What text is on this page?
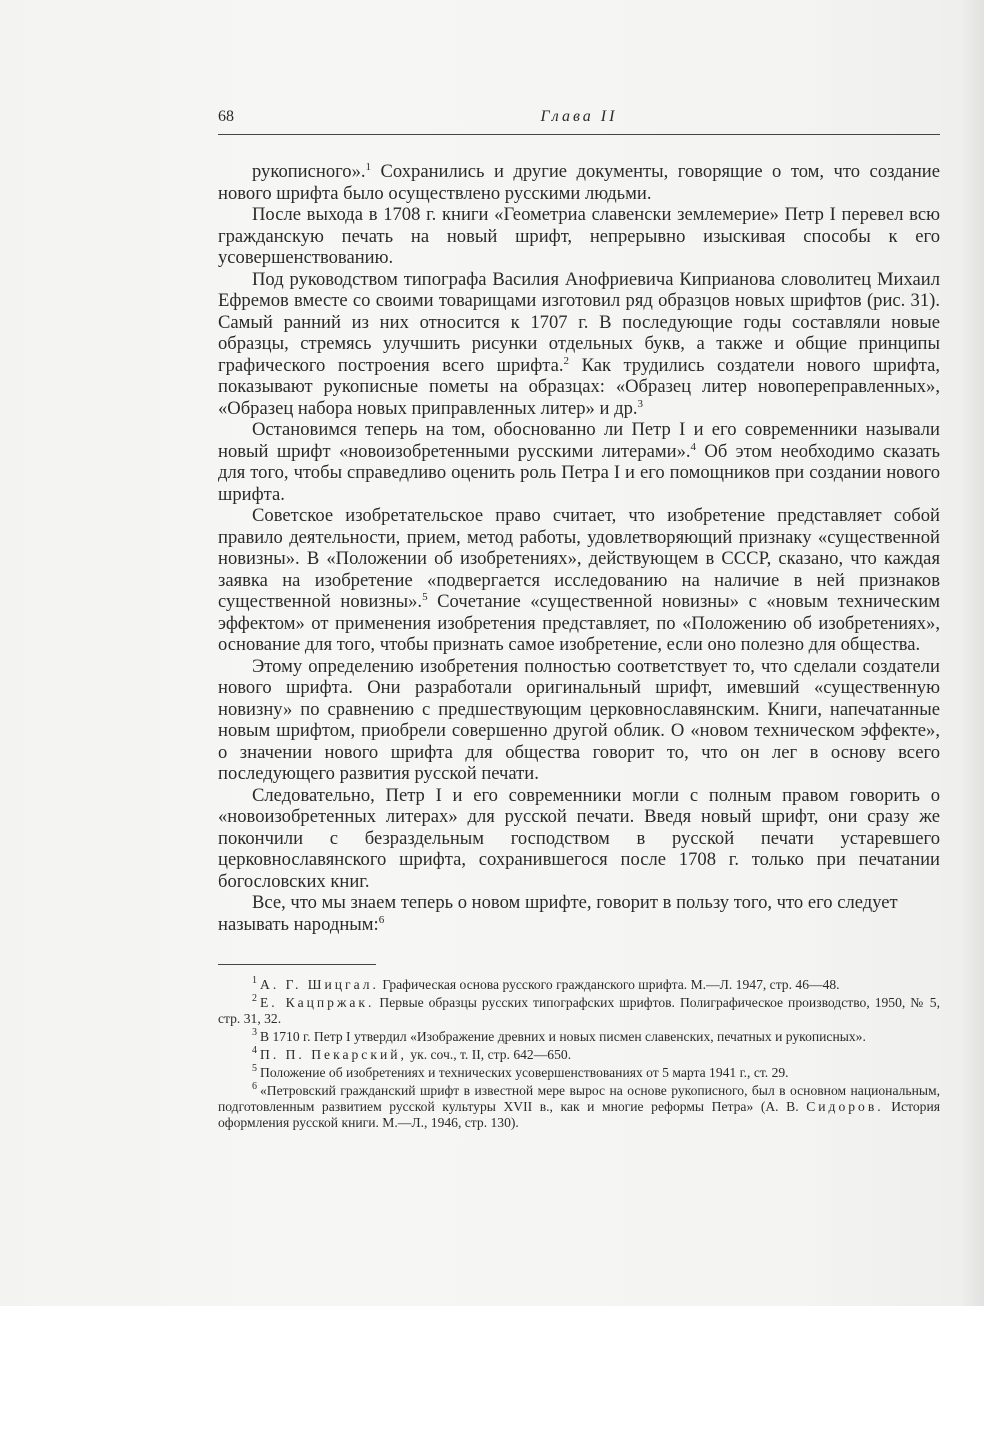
68	Глава II

рукописного».$^1$ Сохранились и другие документы, говорящие о том, что создание нового шрифта было осуществлено русскими людьми.

После выхода в 1708 г. книги «Геометриа славенски землемерие» Петр I перевел всю гражданскую печать на новый шрифт, непрерывно изыскивая способы к его усовершенствованию.

Под руководством типографа Василия Анофриевича Киприанова словолитец Михаил Ефремов вместе со своими товарищами изготовил ряд образцов новых шрифтов (рис. 31). Самый ранний из них относится к 1707 г. В последующие годы составляли новые образцы, стремясь улучшить рисунки отдельных букв, а также и общие принципы графического построения всего шрифта.$^2$ Как трудились создатели нового шрифта, показывают рукописные пометы на образцах: «Образец литер новопереправленных», «Образец набора новых приправленных литер» и др.$^3$

Остановимся теперь на том, обоснованно ли Петр I и его современники называли новый шрифт «новоизобретенными русскими литерами».$^4$ Об этом необходимо сказать для того, чтобы справедливо оценить роль Петра I и его помощников при создании нового шрифта.

Советское изобретательское право считает, что изобретение представляет собой правило деятельности, прием, метод работы, удовлетворяющий признаку «существенной новизны». В «Положении об изобретениях», действующем в СССР, сказано, что каждая заявка на изобретение «подвергается исследованию на наличие в ней признаков существенной новизны».$^5$ Сочетание «существенной новизны» с «новым техническим эффектом» от применения изобретения представляет, по «Положению об изобретениях», основание для того, чтобы признать самое изобретение, если оно полезно для общества.

Этому определению изобретения полностью соответствует то, что сделали создатели нового шрифта. Они разработали оригинальный шрифт, имевший «существенную новизну» по сравнению с предшествующим церковнославянским. Книги, напечатанные новым шрифтом, приобрели совершенно другой облик. О «новом техническом эффекте», о значении нового шрифта для общества говорит то, что он лег в основу всего последующего развития русской печати.

Следовательно, Петр I и его современники могли с полным правом говорить о «новоизобретенных литерах» для русской печати. Введя новый шрифт, они сразу же покончили с безраздельным господством в русской печати устаревшего церковнославянского шрифта, сохранившегося после 1708 г. только при печатании богословских книг.

Все, что мы знаем теперь о новом шрифте, говорит в пользу того, что его следует называть народным:$^6$

$^1$ А. Г. Шицгал. Графическая основа русского гражданского шрифта. М.—Л. 1947, стр. 46—48.

$^2$ Е. Кацпржак. Первые образцы русских типографских шрифтов. Полиграфическое производство, 1950, № 5, стр. 31, 32.

$^3$ В 1710 г. Петр I утвердил «Изображение древних и новых писмен славенских, печатных и рукописных».

$^4$ П. П. Пекарский, ук. соч., т. II, стр. 642—650.

$^5$ Положение об изобретениях и технических усовершенствованиях от 5 марта 1941 г., ст. 29.

$^6$ «Петровский гражданский шрифт в известной мере вырос на основе рукописного, был в основном национальным, подготовленным развитием русской культуры XVII в., как и многие реформы Петра» (А. В. Сидоров. История оформления русской книги. М.—Л., 1946, стр. 130).
